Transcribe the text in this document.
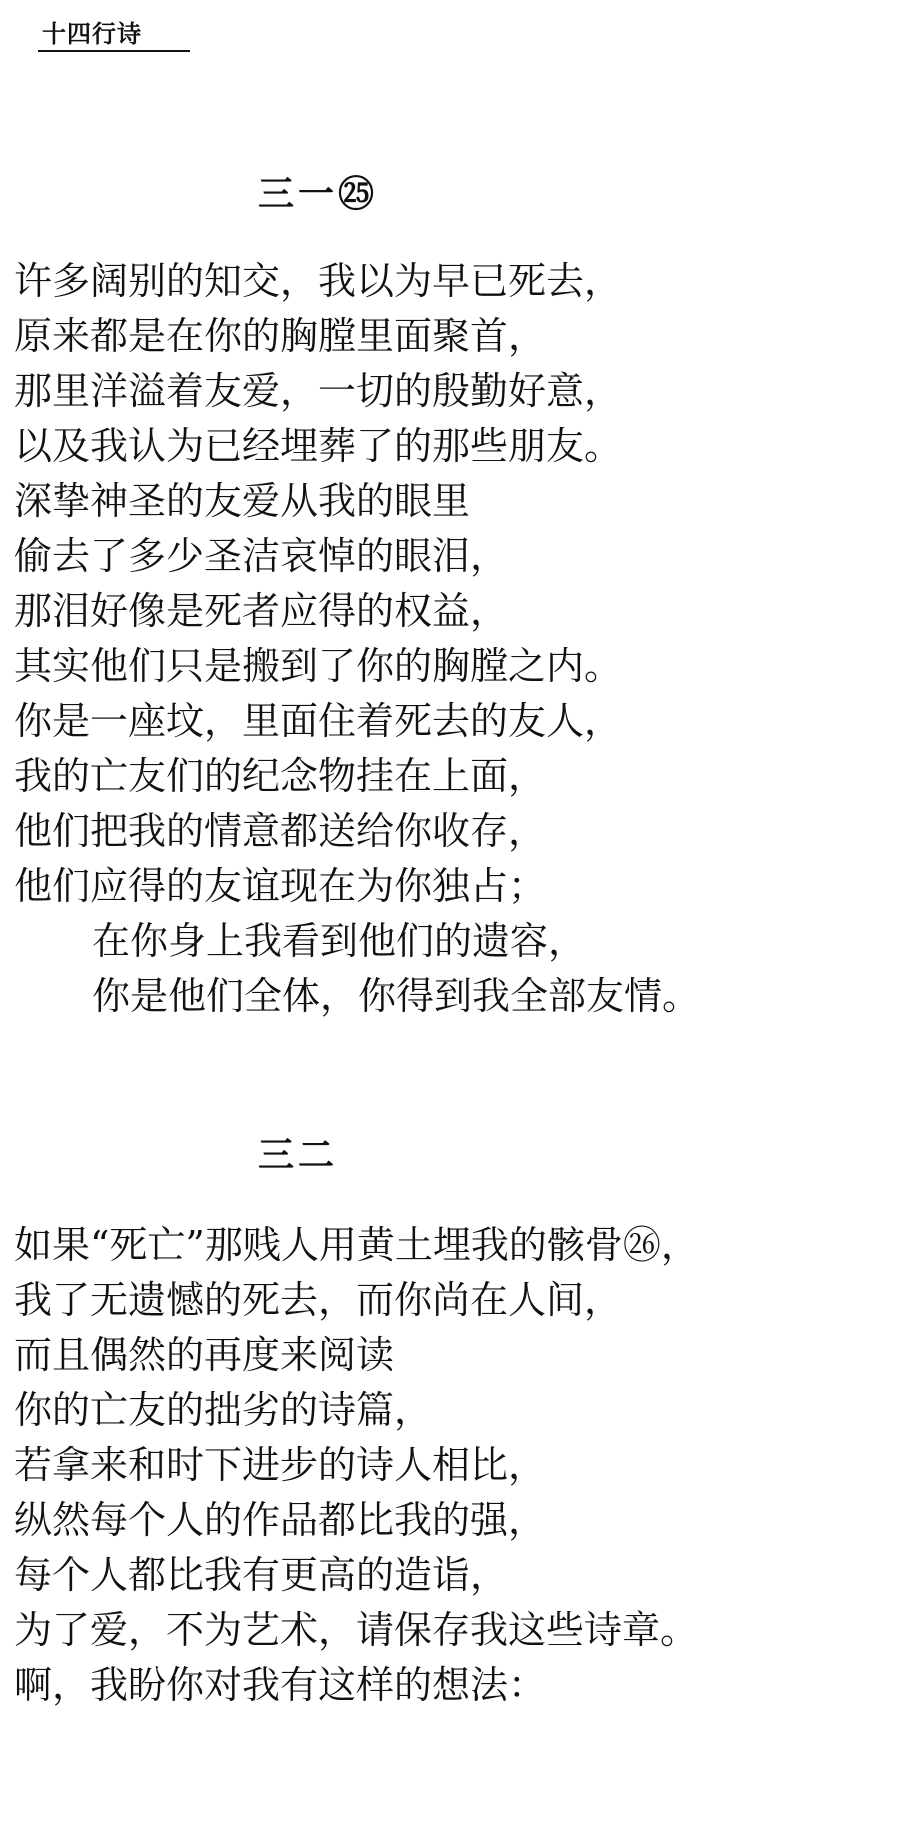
十四行诗
三一㉕
许多阔别的知交，我以为早已死去，
原来都是在你的胸膛里面聚首，
那里洋溢着友爱，一切的殷勤好意，
以及我认为已经埋葬了的那些朋友。
深挚神圣的友爱从我的眼里
偷去了多少圣洁哀悼的眼泪，
那泪好像是死者应得的权益，
其实他们只是搬到了你的胸膛之内。
你是一座坟，里面住着死去的友人，
我的亡友们的纪念物挂在上面，
他们把我的情意都送给你收存，
他们应得的友谊现在为你独占；
在你身上我看到他们的遗容，
你是他们全体，你得到我全部友情。
三二
如果“死亡”那贱人用黄土埋我的骸骨㉖，
我了无遗憾的死去，而你尚在人间，
而且偶然的再度来阅读
你的亡友的拙劣的诗篇，
若拿来和时下进步的诗人相比，
纵然每个人的作品都比我的强，
每个人都比我有更高的造诣，
为了爱，不为艺术，请保存我这些诗章。
啊，我盼你对我有这样的想法：
